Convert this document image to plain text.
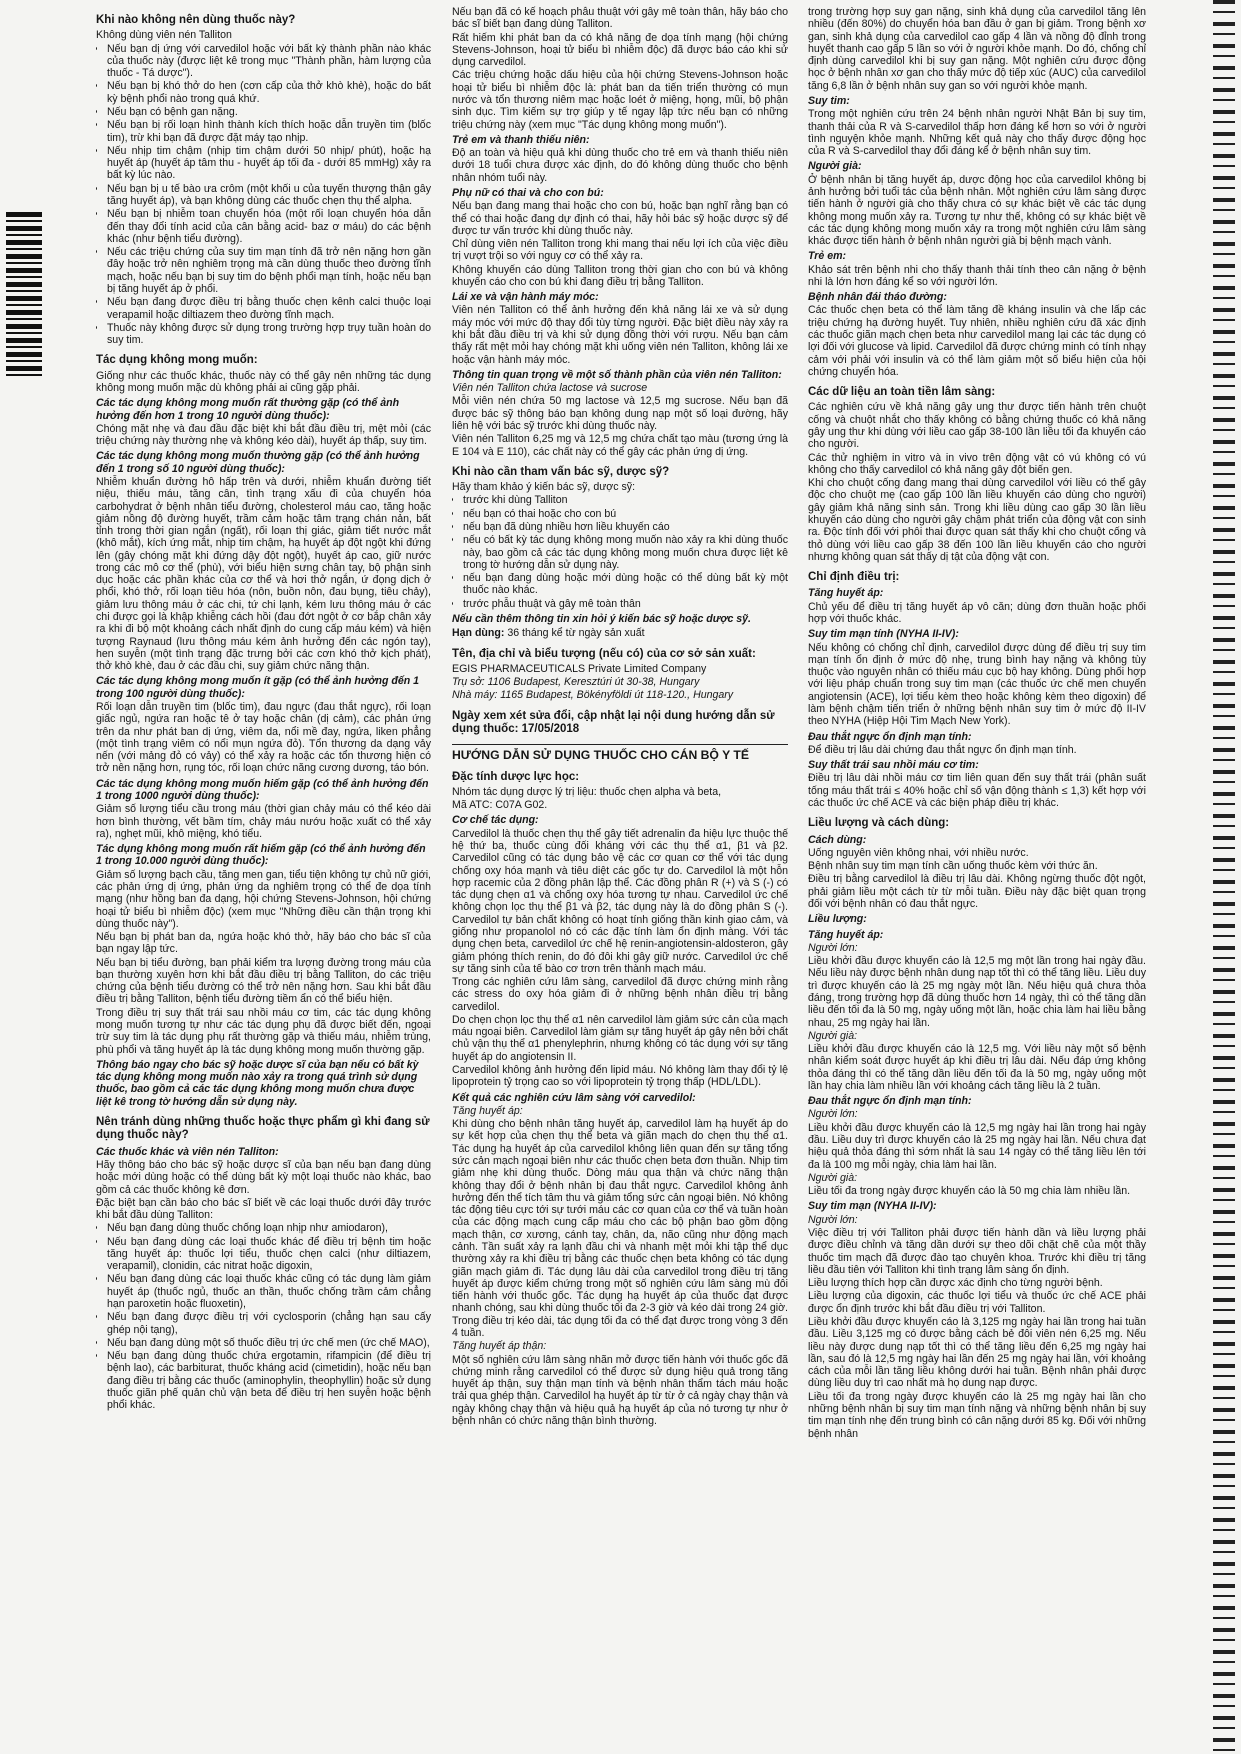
Khi nào không nên dùng thuốc này?

Không dùng viên nén Talliton

• Nếu bạn dị ứng với carvedilol hoặc với bất kỳ thành phần nào khác của thuốc này (được liệt kê trong mục "Thành phần, hàm lượng của thuốc - Tá dược").
• Nếu bạn bị khó thở do hen (cơn cấp của thở khò khè), hoặc do bất kỳ bệnh phổi nào trong quá khứ.
• Nếu bạn có bệnh gan nặng.
• Nếu bạn bị rối loạn hình thành kích thích hoặc dẫn truyền tim (blốc tim), trừ khi bạn đã được đặt máy tạo nhịp.
• Nếu nhịp tim chậm (nhịp tim chậm dưới 50 nhịp/ phút), hoặc hạ huyết áp (huyết áp tâm thu - huyết áp tối đa - dưới 85 mmHg) xảy ra bất kỳ lúc nào.
• Nếu bạn bị u tế bào ưa crôm (một khối u của tuyến thượng thận gây tăng huyết áp), và bạn không dùng các thuốc chẹn thụ thể alpha.
• Nếu bạn bị nhiễm toan chuyển hóa (một rối loạn chuyển hóa dẫn đến thay đổi tính acid của cân bằng acid- baz ơ máu) do các bệnh khác (như bệnh tiểu đường).
• Nếu các triệu chứng của suy tim mạn tính đã trở nên nặng hơn gần đây hoặc trở nên nghiêm trọng mà cần dùng thuốc theo đường tĩnh mạch, hoặc nếu bạn bị suy tim do bệnh phổi mạn tính, hoặc nếu bạn bị tăng huyết áp ở phổi.
• Nếu bạn đang được điều trị bằng thuốc chẹn kênh calci thuộc loại verapamil hoặc diltiazem theo đường tĩnh mạch.
• Thuốc này không được sử dụng trong trường hợp trụy tuần hoàn do suy tim.
Tác dụng không mong muốn:

Giống như các thuốc khác, thuốc này có thể gây nên những tác dụng không mong muốn mặc dù không phải ai cũng gặp phải.

Các tác dụng không mong muốn rất thường gặp (có thể ảnh hưởng đến hơn 1 trong 10 người dùng thuốc):

Chóng mặt nhẹ và đau đầu đặc biệt khi bắt đầu điều trị, mệt mỏi (các triệu chứng này thường nhẹ và không kéo dài), huyết áp thấp, suy tim.

Các tác dụng không mong muốn thường gặp (có thể ảnh hưởng đến 1 trong số 10 người dùng thuốc):

Nhiễm khuẩn đường hô hấp trên và dưới, nhiễm khuẩn đường tiết niệu, thiếu máu, tăng cân, tình trạng xấu đi của chuyển hóa carbohydrat ở bệnh nhân tiểu đường, cholesterol máu cao, tăng hoặc giảm nồng độ đường huyết, trầm cảm hoặc tâm trạng chán nản, bất tỉnh trong thời gian ngắn (ngất), rối loạn thị giác, giảm tiết nước mắt (khô mắt), kích ứng mắt, nhịp tim chậm, hạ huyết áp đột ngột khi đứng lên (gây chóng mặt khi đứng dậy đột ngột), huyết áp cao, giữ nước trong các mô cơ thể (phù), với biểu hiện sưng chân tay, bộ phận sinh dục hoặc các phần khác của cơ thể và hơi thở ngắn, ứ đọng dịch ở phổi, khó thở, rối loạn tiêu hóa (nôn, buồn nôn, đau bụng, tiêu chảy), giảm lưu thông máu ở các chi, tứ chi lạnh, kém lưu thông máu ở các chi được gọi là khập khiễng cách hồi (đau đớt ngột ở cơ bắp chân xảy ra khi đi bộ một khoảng cách nhất định do cung cấp máu kém) và hiện tượng Raynaud (lưu thông máu kém ảnh hưởng đến các ngón tay), hen suyễn (một tình trạng đặc trưng bởi các cơn khó thở kịch phát), thở khò khè, đau ở các đầu chi, suy giảm chức năng thận.

Các tác dụng không mong muốn ít gặp (có thể ảnh hưởng đến 1 trong 100 người dùng thuốc):

Rối loạn dẫn truyền tim (blốc tim), đau ngực (đau thắt ngực), rối loạn giấc ngủ, ngứa ran hoặc tê ở tay hoặc chân (dị cảm), các phản ứng trên da như phát ban dị ứng, viêm da, nổi mề đay, ngứa, liken phẳng (một tình trạng viêm có nổi mụn ngứa đỏ). Tổn thương da dạng vảy nến (với mảng đỏ có vảy) có thể xảy ra hoặc các tổn thương hiện có trở nên nặng hơn, rụng tóc, rối loạn chức năng cương dương, táo bón.

Các tác dụng không mong muốn hiếm gặp (có thể ảnh hưởng đến 1 trong 1000 người dùng thuốc):

Giảm số lượng tiểu cầu trong máu (thời gian chảy máu có thể kéo dài hơn bình thường, vết bầm tím, chảy máu nướu hoặc xuất có thể xảy ra), nghẹt mũi, khô miệng, khó tiểu.

Tác dụng không mong muốn rất hiếm gặp (có thể ảnh hưởng đến 1 trong 10.000 người dùng thuốc):

Giảm số lượng bạch cầu, tăng men gan, tiểu tiện không tự chủ nữ giới, các phản ứng dị ứng, phản ứng da nghiêm trọng có thể đe dọa tính mạng (như hồng ban đa dạng, hội chứng Stevens-Johnson, hội chứng hoại tử biểu bì nhiễm độc) (xem mục "Những điều cần thận trọng khi dùng thuốc này").

Nếu bạn bị phát ban da, ngứa hoặc khó thở, hãy báo cho bác sĩ của bạn ngay lập tức.

Nếu bạn bị tiểu đường, bạn phải kiểm tra lượng đường trong máu của bạn thường xuyên hơn khi bắt đầu điều trị bằng Talliton, do các triệu chứng của bệnh tiểu đường có thể trở nên nặng hơn. Sau khi bắt đầu điều trị bằng Talliton, bệnh tiểu đường tiềm ẩn có thể biểu hiện.

Trong điều trị suy thất trái sau nhồi máu cơ tim, các tác dụng không mong muốn tương tự như các tác dụng phụ đã được biết đến, ngoại trừ suy tim là tác dụng phụ rất thường gặp và thiếu máu, nhiễm trùng, phù phổi và tăng huyết áp là tác dụng không mong muốn thường gặp.

Thông báo ngay cho bác sỹ hoặc dược sĩ của bạn nếu có bất kỳ tác dụng không mong muốn nào xảy ra trong quá trình sử dụng thuốc, bao gồm cả các tác dụng không mong muốn chưa được liệt kê trong tờ hướng dẫn sử dụng này.
Nên tránh dùng những thuốc hoặc thực phẩm gì khi đang sử dụng thuốc này?
Các thuốc khác và viên nén Talliton:

Hãy thông báo cho bác sỹ hoặc dược sĩ của bạn nếu bạn đang dùng hoặc mới dùng hoặc có thể dùng bất kỳ một loại thuốc nào khác, bao gồm cả các thuốc không kê đơn.

Đặc biệt bạn cần báo cho bác sĩ biết về các loại thuốc dưới đây trước khi bắt đầu dùng Talliton:

• Nếu bạn đang dùng thuốc chống loạn nhịp như amiodaron),
• Nếu bạn đang dùng các loại thuốc khác để điều trị bệnh tim hoặc tăng huyết áp: thuốc lợi tiểu, thuốc chẹn calci (như diltiazem, verapamil), clonidin, các nitrat hoặc digoxin,
• Nếu bạn đang dùng các loại thuốc khác cũng có tác dụng làm giảm huyết áp (thuốc ngủ, thuốc an thần, thuốc chống trầm cảm chẳng hạn paroxetin hoặc fluoxetin),
• Nếu bạn đang được điều trị với cyclosporin (chẳng hạn sau cấy ghép nội tạng),
• Nếu bạn đang dùng một số thuốc điều trị ức chế men (ức chế MAO),
• Nếu bạn đang dùng thuốc chứa ergotamin, rifampicin (để điều trị bệnh lao), các barbiturat, thuốc kháng acid (cimetidin), hoặc nếu bạn đang điều trị bằng các thuốc (aminophylin, theophyllin) hoặc sử dụng thuốc giãn phế quản chủ vận beta để điều trị hen suyễn hoặc bệnh phổi khác.

Nếu bạn đã có kế hoạch phẫu thuật với gây mê toàn thân, hãy báo cho bác sĩ biết bạn đang dùng Talliton.

Rất hiếm khi phát ban da có khả năng đe dọa tính mạng (hội chứng Stevens-Johnson, hoại tử biểu bì nhiễm độc) đã được báo cáo khi sử dụng carvedilol.

Các triệu chứng hoặc dấu hiệu của hội chứng Stevens-Johnson hoặc hoại tử biểu bì nhiễm độc là: phát ban da tiến triển thường có mụn nước và tổn thương niêm mạc hoặc loét ở miệng, họng, mũi, bộ phận sinh dục. Tìm kiếm sự trợ giúp y tế ngay lập tức nếu bạn có những triệu chứng này (xem mục "Tác dụng không mong muốn").

Trẻ em và thanh thiếu niên:

Độ an toàn và hiệu quả khi dùng thuốc cho trẻ em và thanh thiếu niên dưới 18 tuổi chưa được xác định, do đó không dùng thuốc cho bệnh nhân nhóm tuổi này.

Phụ nữ có thai và cho con bú:

Nếu bạn đang mang thai hoặc cho con bú, hoặc bạn nghĩ rằng bạn có thể có thai hoặc đang dự định có thai, hãy hỏi bác sỹ hoặc dược sỹ để được tư vấn trước khi dùng thuốc này.

Chỉ dùng viên nén Talliton trong khi mang thai nếu lợi ích của việc điều trị vượt trội so với nguy cơ có thể xảy ra.

Không khuyến cáo dùng Talliton trong thời gian cho con bú và không khuyến cáo cho con bú khi đang điều trị bằng Talliton.

Lái xe và vận hành máy móc:

Viên nén Talliton có thể ảnh hưởng đến khả năng lái xe và sử dụng máy móc với mức độ thay đổi tùy từng người. Đặc biệt điều này xảy ra khi bắt đầu điều trị và khi sử dụng đồng thời với rượu. Nếu bạn cảm thấy rất mệt mỏi hay chóng mặt khi uống viên nén Talliton, không lái xe hoặc vận hành máy móc.

Thông tin quan trọng về một số thành phần của viên nén Talliton:
Viên nén Talliton chứa lactose và sucrose

Mỗi viên nén chứa 50 mg lactose và 12,5 mg sucrose. Nếu bạn đã được bác sỹ thông báo bạn không dung nạp một số loại đường, hãy liên hệ với bác sỹ trước khi dùng thuốc này.

Viên nén Talliton 6,25 mg và 12,5 mg chứa chất tạo màu (tương ứng là E 104 và E 110), các chất này có thể gây các phản ứng dị ứng.

Khi nào cần tham vấn bác sỹ, dược sỹ?

Hãy tham khảo ý kiến bác sỹ, dược sỹ:

• trước khi dùng Talliton
• nếu bạn có thai hoặc cho con bú
• nếu bạn đã dùng nhiều hơn liều khuyến cáo
• nếu có bất kỳ tác dụng không mong muốn nào xảy ra khi dùng thuốc này, bao gồm cả các tác dụng không mong muốn chưa được liệt kê trong tờ hướng dẫn sử dụng này.
• nếu bạn đang dùng hoặc mới dùng hoặc có thể dùng bất kỳ một thuốc nào khác.
• trước phẫu thuật và gây mê toàn thân
Nếu cần thêm thông tin xin hỏi ý kiến bác sỹ hoặc dược sỹ.
Hạn dùng: 36 tháng kể từ ngày sản xuất
Tên, địa chỉ và biểu tượng (nếu có) của cơ sở sản xuất:

EGIS PHARMACEUTICALS Private Limited Company

Trụ sở: 1106 Budapest, Keresztúri út 30-38, Hungary
Nhà máy: 1165 Budapest, Bökényföldi út 118-120., Hungary
Ngày xem xét sửa đổi, cập nhật lại nội dung hướng dẫn sử dụng thuốc: 17/05/2018
HƯỚNG DẪN SỬ DỤNG THUỐC CHO CÁN BỘ Y TẾ
Đặc tính dược lực học:

Nhóm tác dụng dược lý trị liệu: thuốc chẹn alpha và beta,

Mã ATC: C07A G02.

Cơ chế tác dụng:

Carvedilol là thuốc chẹn thụ thể gây tiết adrenalin đa hiệu lực thuộc thế hệ thứ ba, thuốc cùng đối kháng với các thụ thể α1, β1 và β2. Carvedilol cũng có tác dụng bảo vệ các cơ quan cơ thể với tác dụng chống oxy hóa mạnh và tiêu diệt các gốc tự do. Carvedilol là một hỗn hợp racemic của 2 đồng phân lập thể. Các đồng phân R (+) và S (-) có tác dụng chẹn α1 và chống oxy hóa tương tự nhau. Carvedilol ức chế không chọn lọc thụ thể β1 và β2, tác dụng này là do đồng phân S (-). Carvedilol tự bản chất không có hoạt tính giống thần kinh giao cảm, và giống như propanolol nó có các đặc tính làm ổn định màng. Với tác dụng chẹn beta, carvedilol ức chế hệ renin-angiotensin-aldosteron, gây giảm phóng thích renin, do đó đôi khi gây giữ nước. Carvedilol ức chế sự tăng sinh của tế bào cơ trơn trên thành mạch máu.

Trong các nghiên cứu lâm sàng, carvedilol đã được chứng minh rằng các stress do oxy hóa giảm đi ở những bệnh nhân điều trị bằng carvedilol.

Do chẹn chọn lọc thụ thể α1 nên carvedilol làm giảm sức cản của mạch máu ngoại biên. Carvedilol làm giảm sự tăng huyết áp gây nên bởi chất chủ vận thụ thể α1 phenylephrin, nhưng không có tác dụng với sự tăng huyết áp do angiotensin II.

Carvedilol không ảnh hưởng đến lipid máu. Nó không làm thay đổi tỷ lệ lipoprotein tỷ trọng cao so với lipoprotein tỷ trọng thấp (HDL/LDL).

Kết quả các nghiên cứu lâm sàng với carvedilol:
Tăng huyết áp:

Khi dùng cho bệnh nhân tăng huyết áp, carvedilol làm hạ huyết áp do sự kết hợp của chẹn thụ thể beta và giãn mạch do chẹn thụ thể α1. Tác dụng hạ huyết áp của carvedilol không liên quan đến sự tăng tổng sức cản mạch ngoại biên như các thuốc chẹn beta đơn thuần. Nhịp tim giảm nhẹ khi dùng thuốc. Dòng máu qua thận và chức năng thận không thay đổi ở bệnh nhân bị đau thắt ngực. Carvedilol không ảnh hưởng đến thể tích tâm thu và giảm tổng sức cản ngoại biên. Nó không tác động tiêu cực tới sự tưới máu các cơ quan của cơ thể và tuần hoàn của các động mạch cung cấp máu cho các bộ phận bao gồm động mạch thận, cơ xương, cánh tay, chân, da, não cũng như động mạch cảnh. Tần suất xảy ra lạnh đầu chi và nhanh mệt mỏi khi tập thể dục thường xảy ra khi điều trị bằng các thuốc chẹn beta không có tác dụng giãn mạch giảm đi. Tác dụng lâu dài của carvedilol trong điều trị tăng huyết áp được kiểm chứng trong một số nghiên cứu lâm sàng mù đôi tiến hành với thuốc gốc. Tác dụng hạ huyết áp của thuốc đạt được nhanh chóng, sau khi dùng thuốc tối đa 2-3 giờ và kéo dài trong 24 giờ. Trong điều trị kéo dài, tác dụng tối đa có thể đạt được trong vòng 3 đến 4 tuần.

Tăng huyết áp thận:

Một số nghiên cứu lâm sàng nhãn mở được tiến hành với thuốc gốc đã chứng minh rằng carvedilol có thể được sử dụng hiệu quả trong tăng huyết áp thận, suy thận mạn tính và bệnh nhân thẩm tách máu hoặc trải qua ghép thận. Carvedilol hạ huyết áp từ từ ở cả ngày chạy thận và ngày không chạy thận và hiệu quả hạ huyết áp của nó tương tự như ở bệnh nhân có chức năng thận bình thường.

trong trường hợp suy gan nặng, sinh khả dụng của carvedilol tăng lên nhiều (đến 80%) do chuyển hóa ban đầu ở gan bị giảm. Trong bệnh xơ gan, sinh khả dụng của carvedilol cao gấp 4 lần và nồng độ đỉnh trong huyết thanh cao gấp 5 lần so với ở người khỏe mạnh. Do đó, chống chỉ định dùng carvedilol khi bị suy gan nặng. Một nghiên cứu được động học ở bệnh nhân xơ gan cho thấy mức độ tiếp xúc (AUC) của carvedilol tăng 6,8 lần ở bệnh nhân suy gan so với người khỏe mạnh.

Suy tim:

Trong một nghiên cứu trên 24 bệnh nhân người Nhật Bản bị suy tim, thanh thải của R và S-carvedilol thấp hơn đáng kể hơn so với ở người tình nguyện khỏe mạnh. Những kết quả này cho thấy được động học của R và S-carvedilol thay đổi đáng kể ở bệnh nhân suy tim.

Người già:

Ở bệnh nhân bị tăng huyết áp, dược động học của carvedilol không bị ảnh hưởng bởi tuổi tác của bệnh nhân. Một nghiên cứu lâm sàng được tiến hành ở người già cho thấy chưa có sự khác biệt về các tác dụng không mong muốn xảy ra. Tương tự như thế, không có sự khác biệt về các tác dụng không mong muốn xảy ra trong một nghiên cứu lâm sàng khác được tiến hành ở bệnh nhân người già bị bệnh mạch vành.

Trẻ em:

Khảo sát trên bệnh nhi cho thấy thanh thải tính theo cân nặng ở bệnh nhi là lớn hơn đáng kể so với người lớn.

Bệnh nhân đái tháo đường:

Các thuốc chẹn beta có thể làm tăng đề kháng insulin và che lấp các triệu chứng hạ đường huyết. Tuy nhiên, nhiều nghiên cứu đã xác định các thuốc giãn mạch chẹn beta như carvedilol mang lại các tác dụng có lợi đối với glucose và lipid. Carvedilol đã được chứng minh có tính nhạy cảm với phải với insulin và có thể làm giảm một số biểu hiện của hội chứng chuyển hóa.

Các dữ liệu an toàn tiền lâm sàng:

Các nghiên cứu về khả năng gây ung thư được tiến hành trên chuột cống và chuột nhắt cho thấy không có bằng chứng thuốc có khả năng gây ung thư khi dùng với liều cao gấp 38-100 lần liều tối đa khuyến cáo cho người.

Các thử nghiệm in vitro và in vivo trên động vật có vú không có vú không cho thấy carvedilol có khả năng gây đột biến gen.

Khi cho chuột cống đang mang thai dùng carvedilol với liều có thể gây độc cho chuột mẹ (cao gấp 100 lần liều khuyến cáo dùng cho người) gây giảm khả năng sinh sản. Trong khi liều dùng cao gấp 30 lần liều khuyến cáo dùng cho người gây chậm phát triển của động vật con sinh ra. Độc tính đối với phôi thai được quan sát thấy khi cho chuột cống và thỏ dùng với liều cao gấp 38 đến 100 lần liều khuyến cáo cho người nhưng không quan sát thấy dị tật của động vật con.

Chỉ định điều trị:
Tăng huyết áp:

Chủ yếu để điều trị tăng huyết áp vô căn; dùng đơn thuần hoặc phối hợp với thuốc khác.

Suy tim mạn tính (NYHA II-IV):

Nếu không có chống chỉ định, carvedilol được dùng để điều trị suy tim mạn tính ổn định ở mức độ nhẹ, trung bình hay nặng và không tùy thuộc vào nguyên nhân có thiếu máu cục bộ hay không. Dùng phối hợp với liệu pháp chuẩn trong suy tim mạn (các thuốc ức chế men chuyển angiotensin (ACE), lợi tiểu kèm theo hoặc không kèm theo digoxin) để làm bệnh chậm tiến triển ở những bệnh nhân suy tim ở mức độ II-IV theo NYHA (Hiệp Hội Tim Mạch New York).

Đau thắt ngực ổn định mạn tính:

Để điều trị lâu dài chứng đau thắt ngực ổn định mạn tính.

Suy thất trái sau nhồi máu cơ tim:

Điều trị lâu dài nhồi máu cơ tim liên quan đến suy thất trái (phân suất tống máu thất trái ≤ 40% hoặc chỉ số vận động thành ≤ 1,3) kết hợp với các thuốc ức chế ACE và các biện pháp điều trị khác.

Liều lượng và cách dùng:
Cách dùng:

Uống nguyên viên không nhai, với nhiều nước.

Bệnh nhân suy tim mạn tính cần uống thuốc kèm với thức ăn.

Điều trị bằng carvedilol là điều trị lâu dài. Không ngừng thuốc đột ngột, phải giảm liều một cách từ từ mỗi tuần. Điều này đặc biệt quan trọng đối với bệnh nhân có đau thắt ngực.

Liều lượng:
Tăng huyết áp:
Người lớn:

Liều khởi đầu được khuyến cáo là 12,5 mg một lần trong hai ngày đầu. Nếu liều này được bệnh nhân dung nạp tốt thì có thể tăng liều. Liều duy trì được khuyến cáo là 25 mg ngày một lần. Nếu hiệu quả chưa thỏa đáng, trong trường hợp đã dùng thuốc hơn 14 ngày, thì có thể tăng dần liều đến tối đa là 50 mg, ngày uống một lần, hoặc chia làm hai liều bằng nhau, 25 mg ngày hai lần.

Người già:

Liều khởi đầu được khuyến cáo là 12,5 mg. Với liều này một số bệnh nhân kiểm soát được huyết áp khi điều trị lâu dài. Nếu đáp ứng không thỏa đáng thì có thể tăng dần liều đến tối đa là 50 mg, ngày uống một lần hay chia làm nhiều lần với khoảng cách tăng liều là 2 tuần.

Đau thắt ngực ổn định mạn tính:
Người lớn:

Liều khởi đầu được khuyến cáo là 12,5 mg ngày hai lần trong hai ngày đầu. Liều duy trì được khuyến cáo là 25 mg ngày hai lần. Nếu chưa đạt hiệu quả thỏa đáng thì sớm nhất là sau 14 ngày có thể tăng liều lên tới đa là 100 mg mỗi ngày, chia làm hai lần.

Người già:

Liều tối đa trong ngày được khuyến cáo là 50 mg chia làm nhiều lần.

Suy tim mạn (NYHA II-IV):
Người lớn:

Việc điều trị với Talliton phải được tiến hành dần và liều lượng phải được điều chỉnh và tăng dần dưới sự theo dõi chặt chẽ của một thầy thuốc tim mạch đã được đào tạo chuyên khoa. Trước khi điều trị tăng liều đầu tiên với Talliton khi tình trạng lâm sàng ổn định.

Liều lượng thích hợp cần được xác định cho từng người bệnh.

Liều lượng của digoxin, các thuốc lợi tiểu và thuốc ức chế ACE phải được ổn định trước khi bắt đầu điều trị với Talliton.

Liều khởi đầu được khuyến cáo là 3,125 mg ngày hai lần trong hai tuần đầu. Liều 3,125 mg có được bằng cách bẻ đôi viên nén 6,25 mg. Nếu liều này được dung nạp tốt thì có thể tăng liều đến 6,25 mg ngày hai lần, sau đó là 12,5 mg ngày hai lần đến 25 mg ngày hai lần, với khoảng cách của mỗi lần tăng liều không dưới hai tuần. Bệnh nhân phải được dùng liều duy trì cao nhất mà họ dung nạp được.

Liều tối đa trong ngày được khuyến cáo là 25 mg ngày hai lần cho những bệnh nhân bị suy tim mạn tính nặng và những bệnh nhân bị suy tim mạn tính nhẹ đến trung bình có cân nặng dưới 85 kg. Đối với những bệnh nhân
